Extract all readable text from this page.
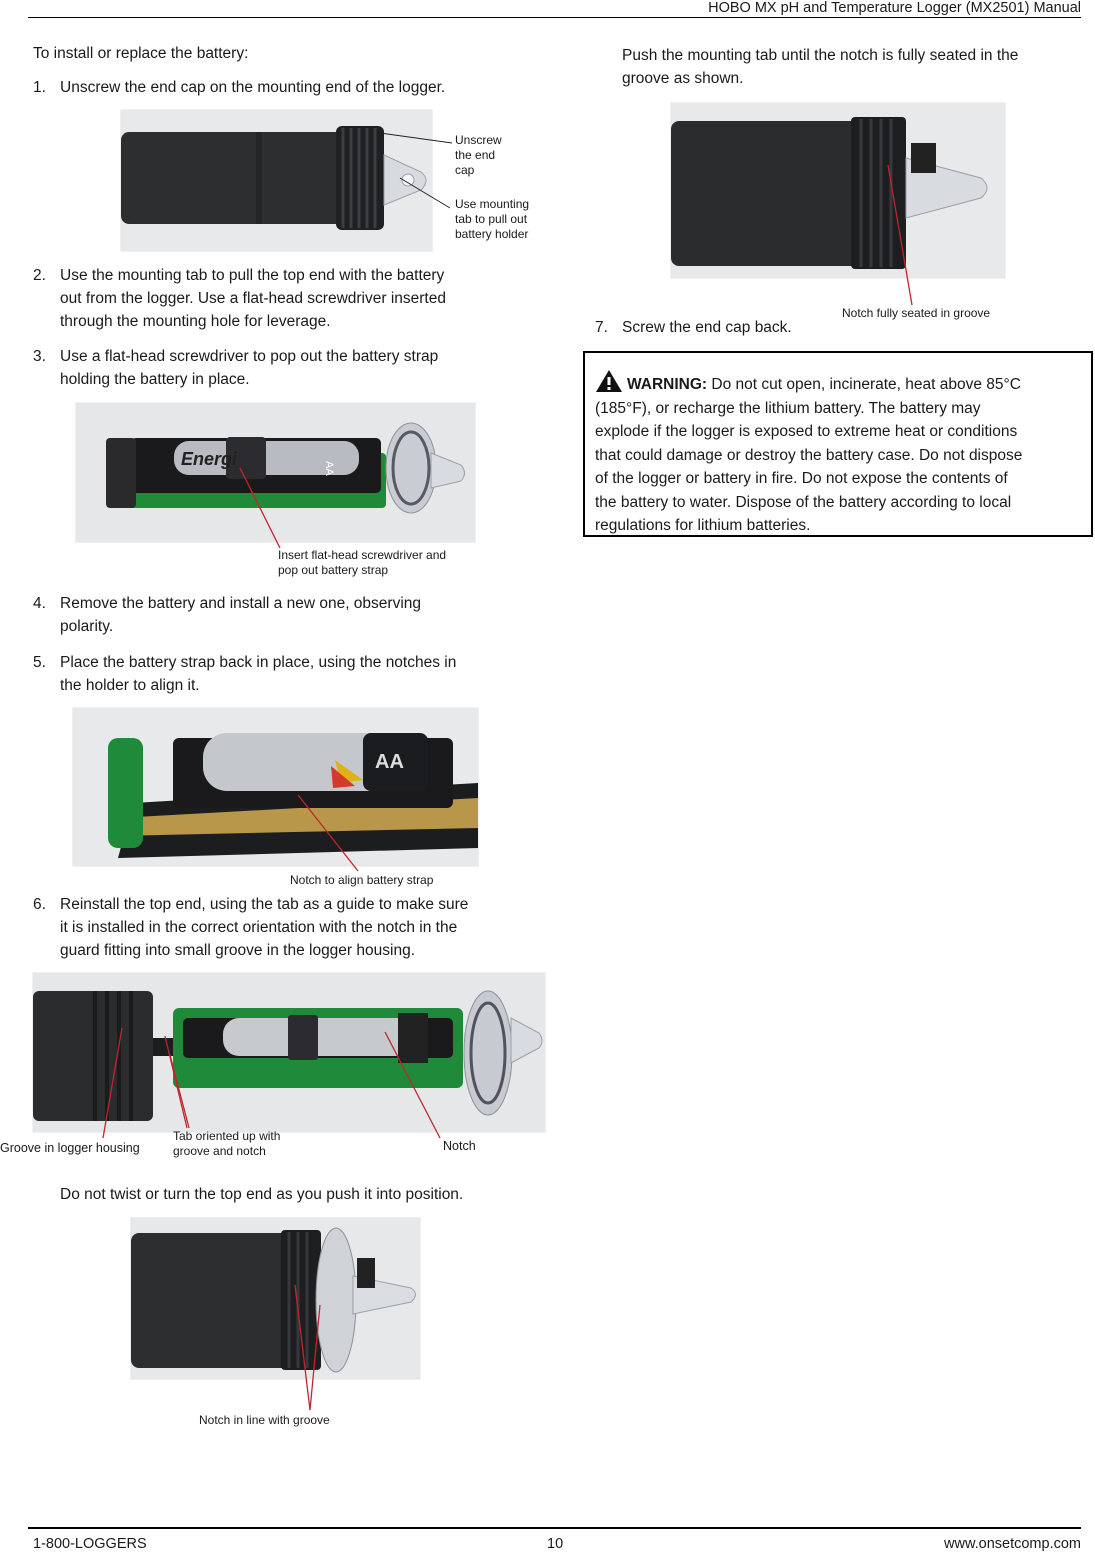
HOBO MX pH and Temperature Logger (MX2501) Manual
To install or replace the battery:
1. Unscrew the end cap on the mounting end of the logger.
Unscrew
the end
cap
Use mounting
tab to pull out
battery holder
2. Use the mounting tab to pull the top end with the battery
out from the logger. Use a flat-head screwdriver inserted
through the mounting hole for leverage.
3. Use a flat-head screwdriver to pop out the battery strap
holding the battery in place.
Energi	AA
Insert flat-head screwdriver and
pop out battery strap
4. Remove the battery and install a new one, observing
polarity.
5. Place the battery strap back in place, using the notches in
the holder to align it.
AA
Notch to align battery strap
6. Reinstall the top end, using the tab as a guide to make sure
it is installed in the correct orientation with the notch in the
guard fitting into small groove in the logger housing.
Groove in logger housing
Tab oriented up with
groove and notch	Notch
Do not twist or turn the top end as you push it into position.
Notch in line with groove
Push the mounting tab until the notch is fully seated in the
groove as shown.
Notch fully seated in groove
7. Screw the end cap back.
WARNING: Do not cut open, incinerate, heat above 85°C
(185°F), or recharge the lithium battery. The battery may
explode if the logger is exposed to extreme heat or conditions
that could damage or destroy the battery case. Do not dispose
of the logger or battery in fire. Do not expose the contents of
the battery to water. Dispose of the battery according to local
regulations for lithium batteries.
1-800-LOGGERS	10	www.onsetcomp.com
